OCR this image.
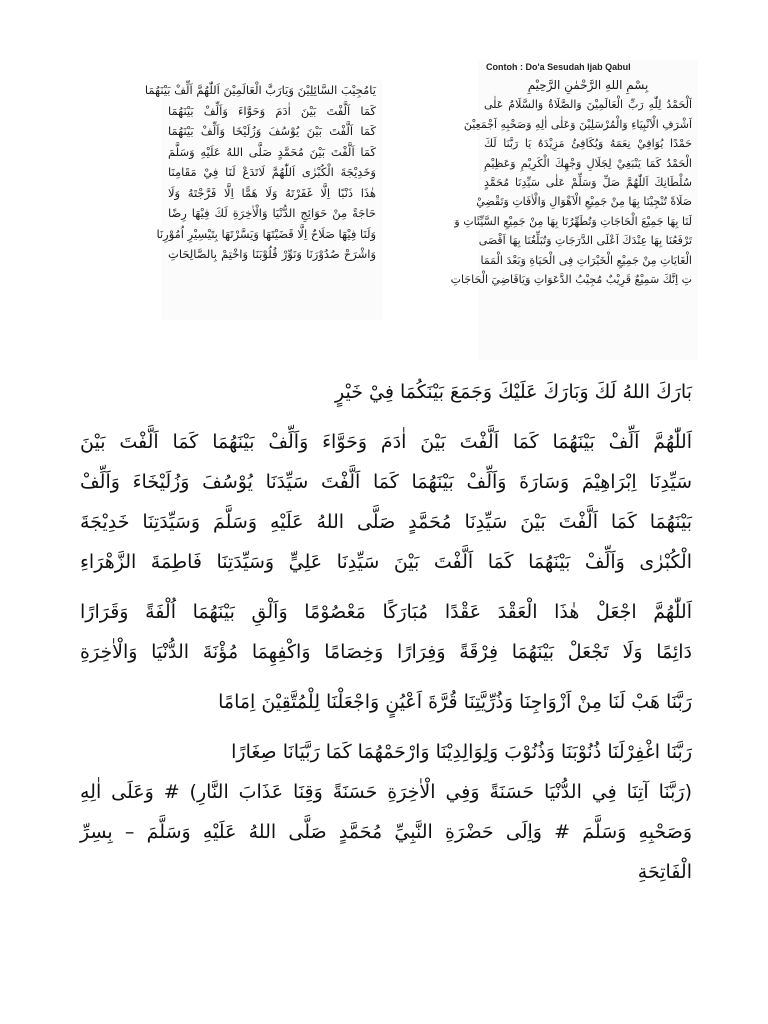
يَامُجِيْبَ السَّائِلِيْنَ وَيَارَبَّ الْعَالَمِيْنَ اَللّٰهُمَّ اَلِّفْ بَيْنَهُمَا
كَمَا اَلَّفْتَ بَيْنَ اٰدَمَ وَحَوَّاءَ وَاَلِّفْ بَيْنَهُمَا
كَمَا اَلَّفْتَ بَيْنَ يُوْسُفَ وَزُلَيْخَا وَاَلِّفْ بَيْنَهُمَا
كَمَا اَلَّفْتَ بَيْنَ مُحَمَّدٍ صَلَّى اللهُ عَلَيْهِ وَسَلَّمَ
وَخَدِيْجَةَ الْكُبْرٰى اَللّٰهُمَّ لَاتَدَعْ لَنَا فِيْ مَقَامِنَا
هٰذَا ذَنْبًا اِلَّا غَفَرْتَهُ وَلَا هَمًّا اِلَّا فَرَّجْتَهُ وَلَا
حَاجَةً مِنْ حَوَائِجِ الدُّنْيَا وَالْاٰخِرَةِ لَكَ فِيْهَا رِضًا
وَلَنَا فِيْهَا صَلَاحٌ اِلَّا قَضَيْتَهَا وَيَسَّرْتَهَا بِتَيْسِيْرِ اُمُوْرِنَا
وَاشْرَحْ صُدُوْرَنَا وَنَوِّرْ قُلُوْبَنَا وَاخْتِمْ بِالصَّالِحَاتِ
Contoh : Do'a Sesudah Ijab Qabul
بِسْمِ اللهِ الرَّحْمٰنِ الرَّحِيْمِ
اَلْحَمْدُ لِلّٰهِ رَبِّ الْعَالَمِيْنَ وَالصَّلَاةُ وَالسَّلَامُ عَلٰى
اَشْرَفِ الْاَنْبِيَاءِ وَالْمُرْسَلِيْنَ وَعَلٰى اٰلِهِ وَصَحْبِهِ اَجْمَعِيْنَ
حَمْدًا يُوَافِيْ نِعَمَهُ وَيُكَافِئُ مَزِيْدَهُ يَا رَبَّنَا لَكَ
الْحَمْدُ كَمَا يَنْبَغِيْ لِجَلَالِ وَجْهِكَ الْكَرِيْمِ وَعَظِيْمِ
سُلْطَانِكَ اَللّٰهُمَّ صَلِّ وَسَلِّمْ عَلٰى سَيِّدِنَا مُحَمَّدٍ
صَلَاةً تُنْجِيْنَا بِهَا مِنْ جَمِيْعِ الْاَهْوَالِ وَالْاٰفَاتِ وَتَقْضِيْ
لَنَا بِهَا جَمِيْعَ الْحَاجَاتِ وَتُطَهِّرُنَا بِهَا مِنْ جَمِيْعِ السَّيِّئَاتِ وَ
تَرْفَعُنَا بِهَا عِنْدَكَ اَعْلَى الدَّرَجَاتِ وَتُبَلِّغُنَا بِهَا اَقْصَى
الْغَايَاتِ مِنْ جَمِيْعِ الْخَيْرَاتِ فِى الْحَيَاةِ وَبَعْدَ الْمَمَا
تِ اِنَّكَ سَمِيْعٌ قَرِيْبٌ مُجِيْبُ الدَّعَوَاتِ وَيَاقَاضِيَ الْحَاجَاتِ
بَارَكَ اللهُ لَكَ وَبَارَكَ عَلَيْكَ وَجَمَعَ بَيْنَكُمَا فِيْ خَيْرٍ
اَللّٰهُمَّ اَلِّفْ بَيْنَهُمَا كَمَا اَلَّفْتَ بَيْنَ اٰدَمَ وَحَوَّاءَ وَاَلِّفْ بَيْنَهُمَا كَمَا اَلَّفْتَ بَيْنَ
سَيِّدِنَا اِبْرَاهِيْمَ وَسَارَةَ وَاَلِّفْ بَيْنَهُمَا كَمَا اَلَّفْتَ سَيِّدَنَا يُوْسُفَ وَزُلَيْخَاءَ وَاَلِّفْ
بَيْنَهُمَا كَمَا اَلَّفْتَ بَيْنَ سَيِّدِنَا مُحَمَّدٍ صَلَّى اللهُ عَلَيْهِ وَسَلَّمَ وَسَيِّدَتِنَا خَدِيْجَةَ
الْكُبْرٰى وَاَلِّفْ بَيْنَهُمَا كَمَا اَلَّفْتَ بَيْنَ سَيِّدِنَا عَلِيٍّ وَسَيِّدَتِنَا فَاطِمَةَ الزَّهْرَاءِ
اَللّٰهُمَّ اجْعَلْ هٰذَا الْعَقْدَ عَقْدًا مُبَارَكًا مَعْصُوْمًا وَاَلْقِ بَيْنَهُمَا اُلْفَةً وَقَرَارًا
دَائِمًا وَلَا تَجْعَلْ بَيْنَهُمَا فِرْقَةً وَفِرَارًا وَخِصَامًا وَاكْفِهِمَا مُؤْنَةَ الدُّنْيَا وَالْاٰخِرَةِ
رَبَّنَا هَبْ لَنَا مِنْ اَزْوَاجِنَا وَذُرِّيَّتِنَا قُرَّةَ اَعْيُنٍ وَاجْعَلْنَا لِلْمُتَّقِيْنَ اِمَامًا
رَبَّنَا اغْفِرْلَنَا ذُنُوْبَنَا وَذُنُوْبَ وَلِوَالِدِيْنَا وَارْحَمْهُمَا كَمَا رَبَّيَانَا صِغَارًا
(رَبَّنَا آتِنَا فِي الدُّنْيَا حَسَنَةً وَفِي الْاٰخِرَةِ حَسَنَةً وَقِنَا عَذَابَ النَّارِ) # وَعَلَى اٰلِهِ
وَصَحْبِهِ وَسَلَّمَ # وَاِلَى حَضْرَةِ النَّبِيِّ مُحَمَّدٍ صَلَّى اللهُ عَلَيْهِ وَسَلَّمَ – بِسِرِّ
الْفَاتِحَةِ
